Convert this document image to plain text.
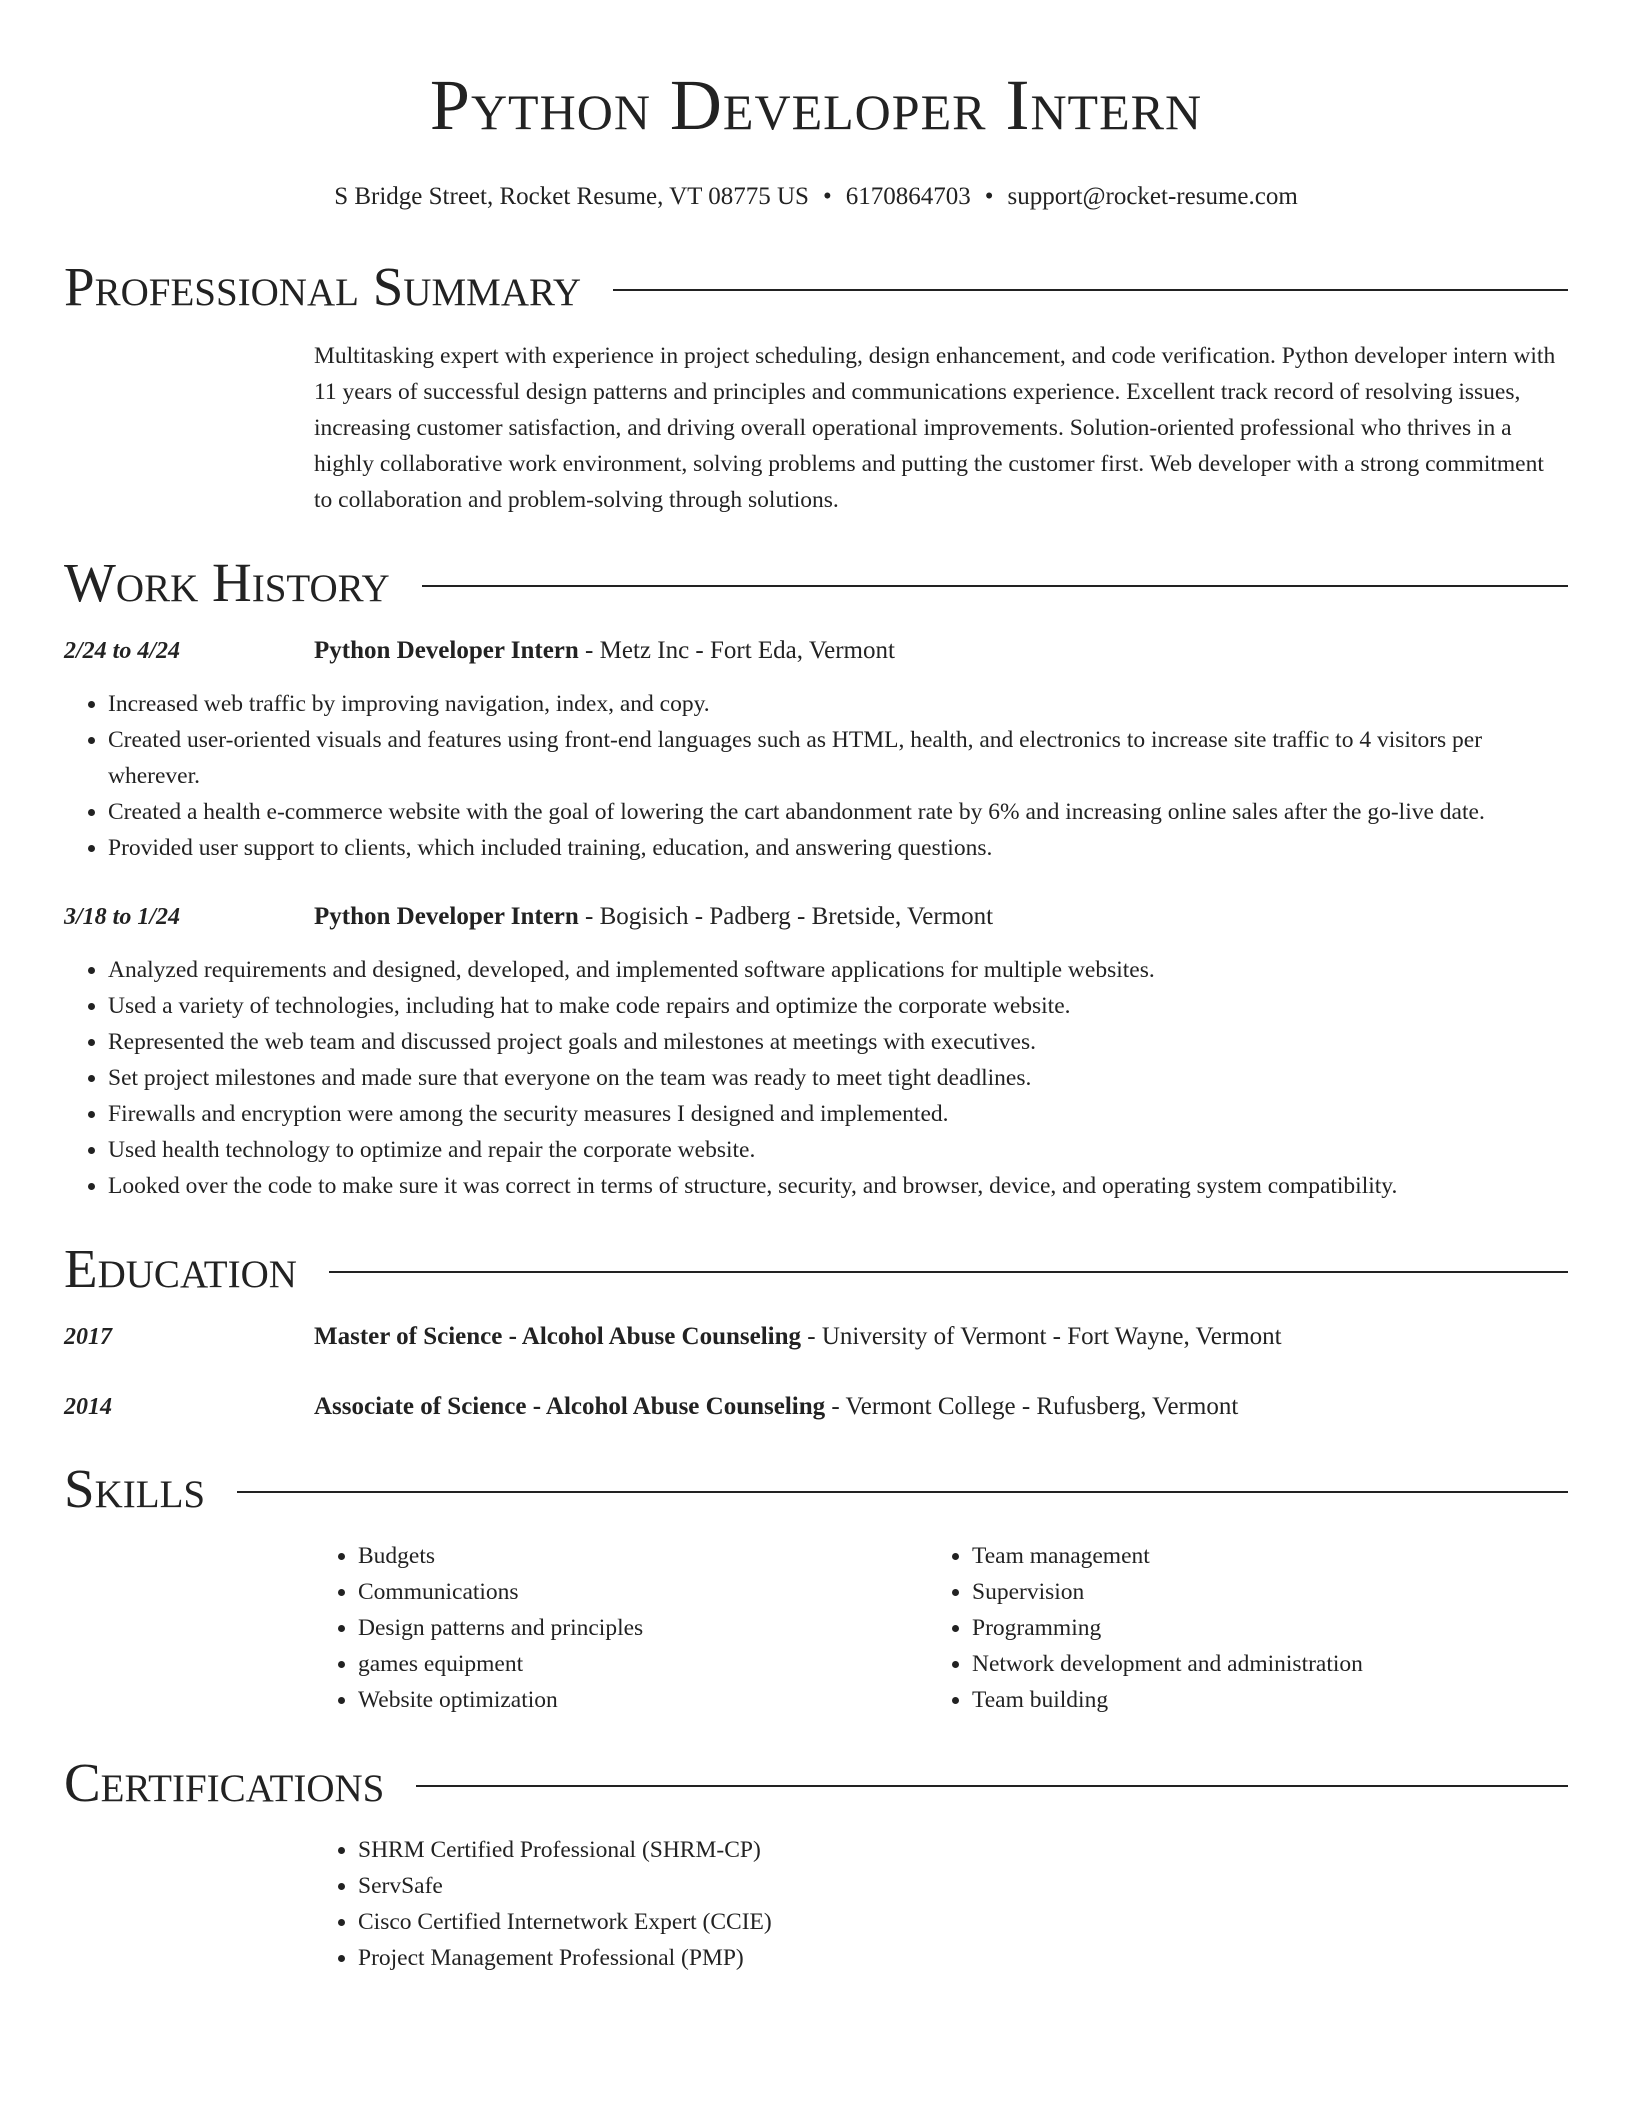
Python Developer Intern
S Bridge Street, Rocket Resume, VT 08775 US • 6170864703 • support@rocket-resume.com
Professional Summary
Multitasking expert with experience in project scheduling, design enhancement, and code verification. Python developer intern with 11 years of successful design patterns and principles and communications experience. Excellent track record of resolving issues, increasing customer satisfaction, and driving overall operational improvements. Solution-oriented professional who thrives in a highly collaborative work environment, solving problems and putting the customer first. Web developer with a strong commitment to collaboration and problem-solving through solutions.
Work History
2/24 to 4/24	Python Developer Intern - Metz Inc - Fort Eda, Vermont
• Increased web traffic by improving navigation, index, and copy.
• Created user-oriented visuals and features using front-end languages such as HTML, health, and electronics to increase site traffic to 4 visitors per wherever.
• Created a health e-commerce website with the goal of lowering the cart abandonment rate by 6% and increasing online sales after the go-live date.
• Provided user support to clients, which included training, education, and answering questions.
3/18 to 1/24	Python Developer Intern - Bogisich - Padberg - Bretside, Vermont
• Analyzed requirements and designed, developed, and implemented software applications for multiple websites.
• Used a variety of technologies, including hat to make code repairs and optimize the corporate website.
• Represented the web team and discussed project goals and milestones at meetings with executives.
• Set project milestones and made sure that everyone on the team was ready to meet tight deadlines.
• Firewalls and encryption were among the security measures I designed and implemented.
• Used health technology to optimize and repair the corporate website.
• Looked over the code to make sure it was correct in terms of structure, security, and browser, device, and operating system compatibility.
Education
2017	Master of Science - Alcohol Abuse Counseling - University of Vermont - Fort Wayne, Vermont
2014	Associate of Science - Alcohol Abuse Counseling - Vermont College - Rufusberg, Vermont
Skills
• Budgets
• Communications
• Design patterns and principles
• games equipment
• Website optimization
• Team management
• Supervision
• Programming
• Network development and administration
• Team building
Certifications
• SHRM Certified Professional (SHRM-CP)
• ServSafe
• Cisco Certified Internetwork Expert (CCIE)
• Project Management Professional (PMP)
